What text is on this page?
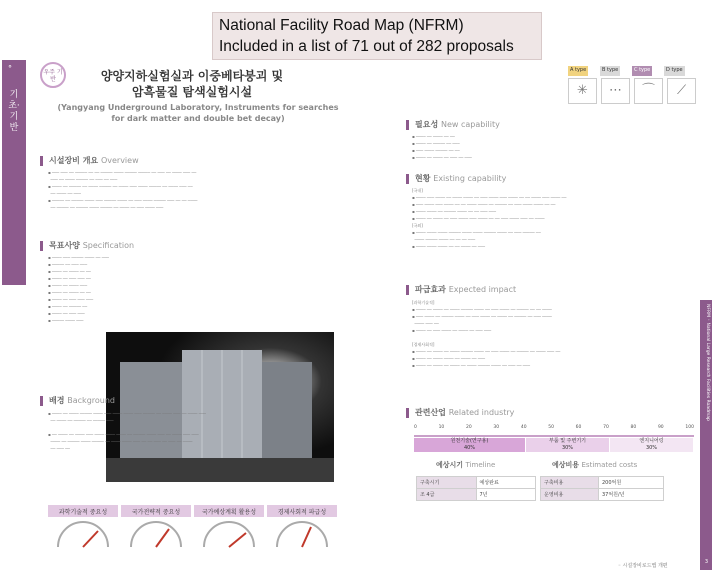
National Facility Road Map (NFRM)
Included in a list of 71 out of 282 proposals
°
기초·기반
우주 기반	양양지하실험실과 이중베타붕괴 및
암흑물질 탐색실험시설
(Yangyang Underground Laboratory, Instruments for searches
for dark matter and double bet decay)
A type	B type	C type	D type
✳	⋯	⌒	⟋
시설장비 개요 Overview
▪ ─── ─── ── ───── ── ── ───── ──── ───── ───── ── ─── ── ──── ─── ──
─── ── ──── ───── ── ─── ── ───
▪ ──── ── ───── ── ──── ───── ── ──── ─── ──── ───── ── ──── ─── ──
── ──── ── ───
▪ ───── ── ───── ──── ─── ───── ──── ── ─── ──── ───── ─── ── ── ────
── ───── ── ───── ──── ───── ── ──── ── ─── ──── ───
목표사양 Specification
▪ ──── ─── ───── ──── ── ───
▪ ───── ── ─── ───
▪ ──── ── ──── ── ──
▪ ──── ── ─── ─── ──
▪ ──── ── ──── ───
▪ ──── ── ──── ── ──
▪ ──── ── ─── ─── ───
▪ ──── ── ───── ──
▪ ──── ── ─── ───
▪ ───── ──── ───
배경 Background
▪ ──── ── ──── ───── ──── ─── ──── ──── ─── ───── ── ──── ─── ── ──── ───
── ──── ── ───── ── ───── ───

▪ ── ──── ── ──── ─── ──── ──── ──── ── ───── ──── ─── ── ──── ─── ───
──── ── ───── ──── ───── ── ──── ──── ─── ── ── ─── ── ─── ── ────
── ─── ──
과학기술적 중요성	국가전략적 중요성	국가예상계획 활용성	경제사회적 파급성
필요성 New capability
▪ ──── ── ──── ── ──
▪ ──── ── ───── ── ───
▪ ─── ──── ───── ── ──
▪ ──── ── ──── ── ─── ── ───
현황 Existing capability
[국내]
▪ ──── ─── ──── ── ──── ──── ── ─── ──── ─── ──── ── ── ──── ─── ──── ──
▪ ─── ──── ─── ──── ── ── ──── ──── ── ───── ── ─── ──── ──── ── ──
▪ ──── ──── ── ───── ──── ── ── ─── ───
▪ ──── ── ──── ── ─── ──── ─── ──── ── ── ─── ──── ─── ── ────
[국외]
▪ ──── ──── ──── ───── ──── ──── ───── ──── ── ─── ───── ──
──── ───── ──── ── ── ── ───
▪ ──── ──── ──── ── ── ──── ── ───
파급효과 Expected impact
[과학기술적]
▪ ──── ── ──── ── ──── ───── ──── ── ─── ──── ── ───── ── ── ────
▪ ─── ──── ── ───── ──── ── ─── ──── ── ──── ── ───── ── ─── ────
──── ─── ──
▪ ──── ── ─── ──── ── ──── ── ─── ───

[경제사회적]
▪ ──── ── ──── ── ──── ───── ──── ── ─── ──── ── ───── ── ──── ─── ──
▪ ──── ── ──── ──── ── ──── ── ───
▪ ──── ── ──── ── ──── ── ──── ───── ──── ── ─── ── ───
관련산업 Related industry
0	10	20	30	40	50	60	70	80	90	100
원천기술(연구용)
40%
부품 및 주변기기
30%
엔지니어링
30%
예상시기 Timeline	예상비용 Estimated costs
구축시기	예상완료
조 4급	7년
구축비용	200억원
운영비용	37억원/년
◦ 시설장비로드맵 개편
NFRM ◦ National Large Research Facilities Roadmap
3
